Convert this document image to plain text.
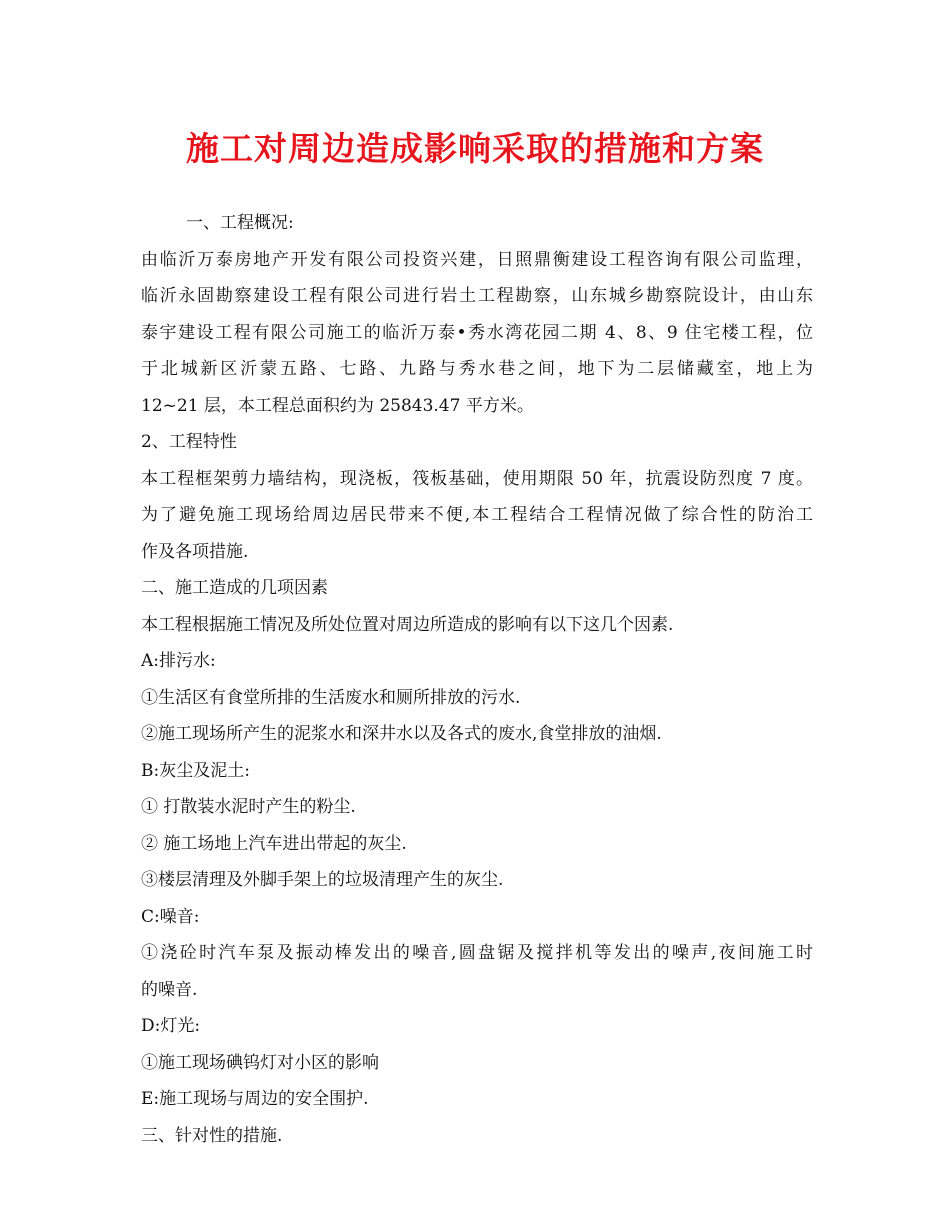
施工对周边造成影响采取的措施和方案
一、工程概况:
由临沂万泰房地产开发有限公司投资兴建，日照鼎衡建设工程咨询有限公司监理，
临沂永固勘察建设工程有限公司进行岩土工程勘察，山东城乡勘察院设计，由山东
泰宇建设工程有限公司施工的临沂万泰•秀水湾花园二期 4、8、9 住宅楼工程，位
于北城新区沂蒙五路、七路、九路与秀水巷之间，地下为二层储藏室，地上为
12~21 层，本工程总面积约为 25843.47 平方米。
2、工程特性
本工程框架剪力墙结构，现浇板，筏板基础，使用期限 50 年，抗震设防烈度 7 度。
为了避免施工现场给周边居民带来不便,本工程结合工程情况做了综合性的防治工
作及各项措施.
二、施工造成的几项因素
本工程根据施工情况及所处位置对周边所造成的影响有以下这几个因素.
A:排污水:
①生活区有食堂所排的生活废水和厕所排放的污水.
②施工现场所产生的泥浆水和深井水以及各式的废水,食堂排放的油烟.
B:灰尘及泥土:
① 打散装水泥时产生的粉尘.
② 施工场地上汽车进出带起的灰尘.
③楼层清理及外脚手架上的垃圾清理产生的灰尘.
C:噪音:
①浇砼时汽车泵及振动棒发出的噪音,圆盘锯及搅拌机等发出的噪声,夜间施工时
的噪音.
D:灯光:
①施工现场碘钨灯对小区的影响
E:施工现场与周边的安全围护.
三、针对性的措施.
